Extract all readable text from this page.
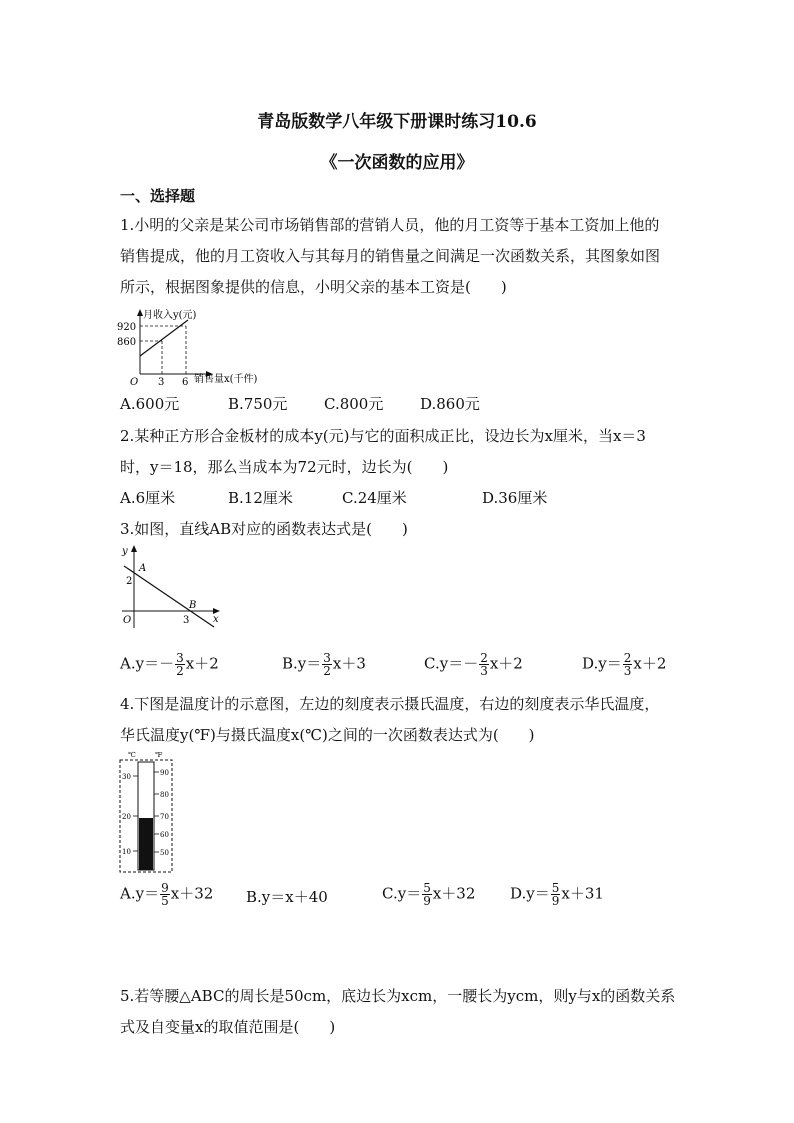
青岛版数学八年级下册课时练习10.6
《一次函数的应用》
一、选择题
1.小明的父亲是某公司市场销售部的营销人员，他的月工资等于基本工资加上他的
销售提成，他的月工资收入与其每月的销售量之间满足一次函数关系，其图象如图
所示，根据图象提供的信息，小明父亲的基本工资是(　　)
月收入y(元)
920
860
O 3 6 销售量x(千件)
A.600元	B.750元 C.800元 D.860元
2.某种正方形合金板材的成本y(元)与它的面积成正比，设边长为x厘米，当x＝3
时，y＝18，那么当成本为72元时，边长为(　　)
A.6厘米	B.12厘米	C.24厘米	D.36厘米
3.如图，直线AB对应的函数表达式是(　　)
y
x
A
2
B
3
O
$A.y=- \frac{3}{2} x+2$	$B.y= \frac{3}{2} x+3$	$C.y=- \frac{2}{3} x+2$	$D.y= \frac{2}{3} x+2$
4.下图是温度计的示意图，左边的刻度表示摄氏温度，右边的刻度表示华氏温度，
华氏温度y(℉)与摄氏温度x(℃)之间的一次函数表达式为(　　)
℃	℉
30
20
10
90
80
70
60
50
$A.y= \frac{9}{5} x+32$ B.y＝x＋40	$C.y= \frac{5}{9} x+32$ $D.y= \frac{5}{9} x+31$
5.若等腰△ABC的周长是50cm，底边长为xcm，一腰长为ycm，则y与x的函数关系
式及自变量x的取值范围是(　　)
